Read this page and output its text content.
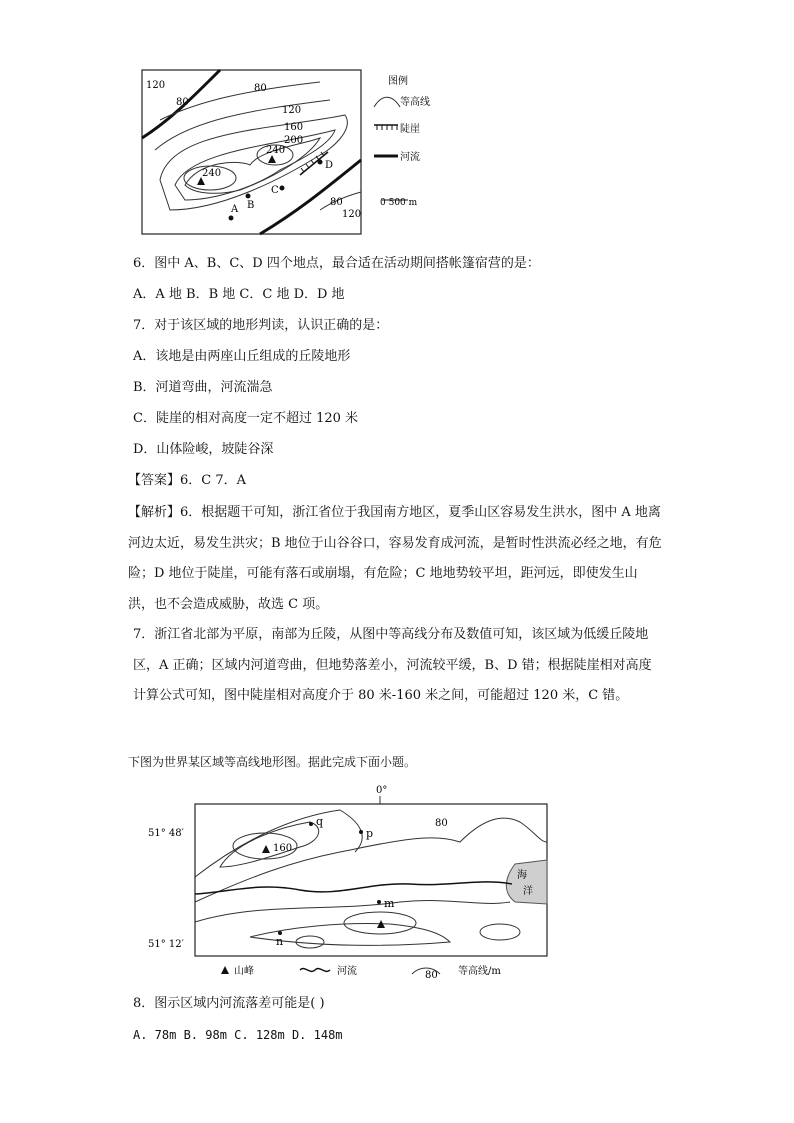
120
80
80
120
160
200
240
240
80
120
A B
C
D
图例
等高线
陡崖
河流
0 500 m
6．图中 A、B、C、D 四个地点，最合适在活动期间搭帐篷宿营的是：
A．A 地 B．B 地 C．C 地 D．D 地
7．对于该区域的地形判读，认识正确的是：
A．该地是由两座山丘组成的丘陵地形
B．河道弯曲，河流湍急
C．陡崖的相对高度一定不超过 120 米
D．山体险峻，坡陡谷深
【答案】6．C 7．A

【解析】6．根据题干可知，浙江省位于我国南方地区，夏季山区容易发生洪水，图中 A 地离河边太近，易发生洪灾；B 地位于山谷谷口，容易发育成河流，是暂时性洪流必经之地，有危险；D 地位于陡崖，可能有落石或崩塌，有危险；C 地地势较平坦，距河远，即使发生山洪，也不会造成威胁，故选 C 项。

7．浙江省北部为平原，南部为丘陵，从图中等高线分布及数值可知，该区域为低缓丘陵地区，A 正确；区域内河道弯曲，但地势落差小，河流较平缓，B、D 错；根据陡崖相对高度计算公式可知，图中陡崖相对高度介于 80 米-160 米之间，可能超过 120 米，C 错。

下图为世界某区域等高线地形图。据此完成下面小题。
0°
51° 48′
51° 12′
海
洋
160
80
q
p
m
n
山峰	河流	80 等高线/m
8．图示区域内河流落差可能是( )
A. 78m B. 98m C. 128m D. 148m
